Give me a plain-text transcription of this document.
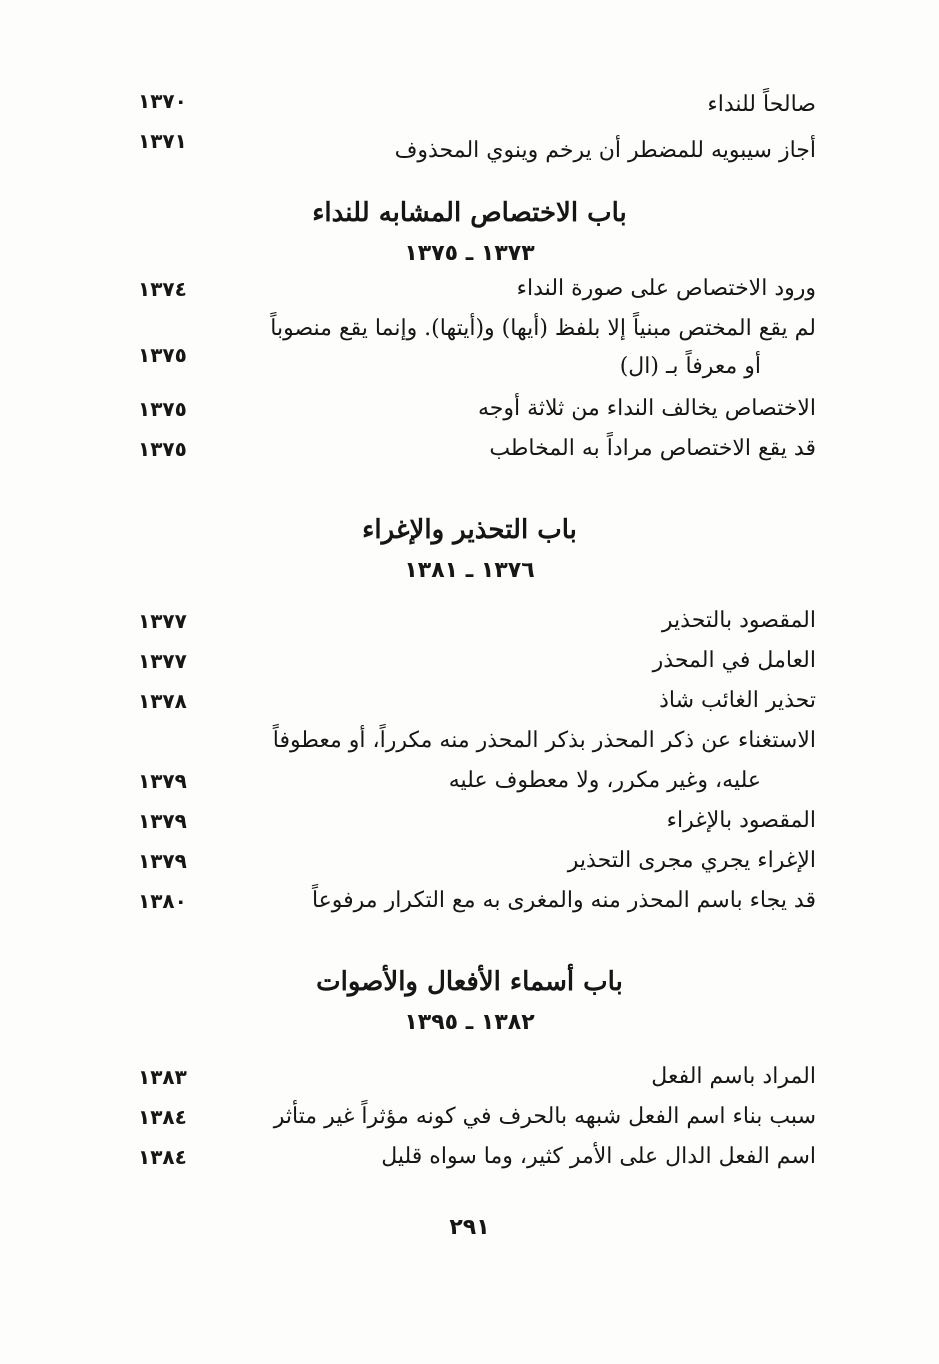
صالحاً للنداء
١٣٧٠
أجاز سيبويه للمضطر أن يرخم وينوي المحذوف
١٣٧١
باب الاختصاص المشابه للنداء
١٣٧٣ ـ ١٣٧٥
ورود الاختصاص على صورة النداء
١٣٧٤
لم يقع المختص مبنياً إلا بلفظ (أيها) و(أيتها). وإنما يقع منصوباً
أو معرفاً بـ (ال)
١٣٧٥
الاختصاص يخالف النداء من ثلاثة أوجه
١٣٧٥
قد يقع الاختصاص مراداً به المخاطب
١٣٧٥
باب التحذير والإغراء
١٣٧٦ ـ ١٣٨١
المقصود بالتحذير
١٣٧٧
العامل في المحذر
١٣٧٧
تحذير الغائب شاذ
١٣٧٨
الاستغناء عن ذكر المحذر بذكر المحذر منه مكرراً، أو معطوفاً
عليه، وغير مكرر، ولا معطوف عليه
١٣٧٩
المقصود بالإغراء
١٣٧٩
الإغراء يجري مجرى التحذير
١٣٧٩
قد يجاء باسم المحذر منه والمغرى به مع التكرار مرفوعاً
١٣٨٠
باب أسماء الأفعال والأصوات
١٣٨٢ ـ ١٣٩٥
المراد باسم الفعل
١٣٨٣
سبب بناء اسم الفعل شبهه بالحرف في كونه مؤثراً غير متأثر
١٣٨٤
اسم الفعل الدال على الأمر كثير، وما سواه قليل
١٣٨٤
٢٩١
